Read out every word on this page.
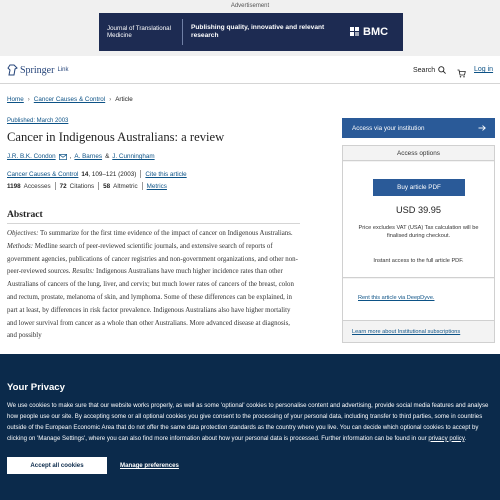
Advertisement
Journal of Translational Medicine
Publishing quality, innovative and relevant research	BMC
Springer Link	Search	Log in
Home › Cancer Causes & Control › Article
Published: March 2003
Cancer in Indigenous Australians: a review
J.R. B.K. Condon , A. Barnes & J. Cunningham
Cancer Causes & Control 14, 109–121 (2003) Cite this article
1198 Accesses 72 Citations 58 Altmetric Metrics
Abstract

Objectives: To summarize for the first time evidence of the impact of cancer on Indigenous Australians. Methods: Medline search of peer-reviewed scientific journals, and extensive search of reports of government agencies, publications of cancer registries and non-government organizations, and other non-peer-reviewed sources. Results: Indigenous Australians have much higher incidence rates than other Australians of cancers of the lung, liver, and cervix; but much lower rates of cancers of the breast, colon and rectum, prostate, melanoma of skin, and lymphoma. Some of these differences can be explained, in part at least, by differences in risk factor prevalence. Indigenous Australians also have higher mortality and lower survival from cancer as a whole than other Australians. More advanced disease at diagnosis, and possibly

Access via your institution
Access options
Buy article PDF
USD 39.95
Price excludes VAT (USA) Tax calculation will be finalised during checkout.
Instant access to the full article PDF.
Rent this article via DeepDyve.
Learn more about Institutional subscriptions
Your Privacy

We use cookies to make sure that our website works properly, as well as some 'optional' cookies to personalise content and advertising, provide social media features and analyse how people use our site. By accepting some or all optional cookies you give consent to the processing of your personal data, including transfer to third parties, some in countries outside of the European Economic Area that do not offer the same data protection standards as the country where you live. You can decide which optional cookies to accept by clicking on 'Manage Settings', where you can also find more information about how your personal data is processed. Further information can be found in our privacy policy.

Accept all cookies	Manage preferences
